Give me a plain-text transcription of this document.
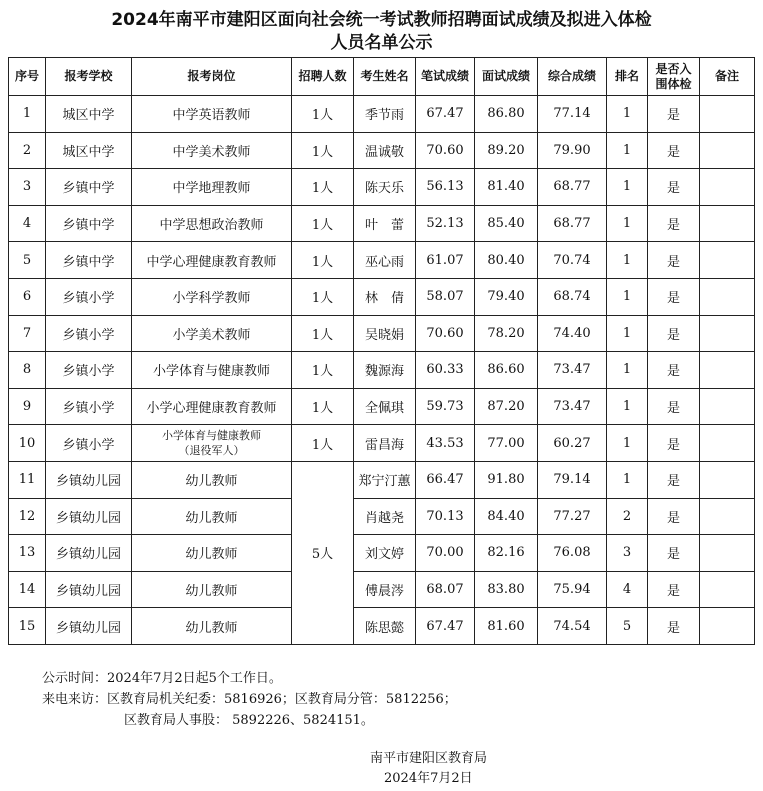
2024年南平市建阳区面向社会统一考试教师招聘面试成绩及拟进入体检
人员名单公示
序号	报考学校	报考岗位	招聘人数	考生姓名	笔试成绩	面试成绩	综合成绩	排名	是否入
围体检	备注
1	城区中学	中学英语教师	1人	季节雨	67.47	86.80	77.14	1	是	
2	城区中学	中学美术教师	1人	温诚敬	70.60	89.20	79.90	1	是	
3	乡镇中学	中学地理教师	1人	陈天乐	56.13	81.40	68.77	1	是	
4	乡镇中学	中学思想政治教师	1人	叶　蕾	52.13	85.40	68.77	1	是	
5	乡镇中学	中学心理健康教育教师	1人	巫心雨	61.07	80.40	70.74	1	是	
6	乡镇小学	小学科学教师	1人	林　倩	58.07	79.40	68.74	1	是	
7	乡镇小学	小学美术教师	1人	吴晓娟	70.60	78.20	74.40	1	是	
8	乡镇小学	小学体育与健康教师	1人	魏源海	60.33	86.60	73.47	1	是	
9	乡镇小学	小学心理健康教育教师	1人	全佩琪	59.73	87.20	73.47	1	是	
10	乡镇小学	小学体育与健康教师
（退役军人）	1人	雷昌海	43.53	77.00	60.27	1	是	
11	乡镇幼儿园	幼儿教师	5人	郑宁汀蕙	66.47	91.80	79.14	1	是	
12	乡镇幼儿园	幼儿教师		肖越尧	70.13	84.40	77.27	2	是	
13	乡镇幼儿园	幼儿教师		刘文婷	70.00	82.16	76.08	3	是	
14	乡镇幼儿园	幼儿教师		傅晨涔	68.07	83.80	75.94	4	是	
15	乡镇幼儿园	幼儿教师		陈思懿	67.47	81.60	74.54	5	是	
公示时间：2024年7月2日起5个工作日。
来电来访：区教育局机关纪委：5816926；区教育局分管：5812256；
区教育局人事股： 5892226、5824151。
南平市建阳区教育局
2024年7月2日
